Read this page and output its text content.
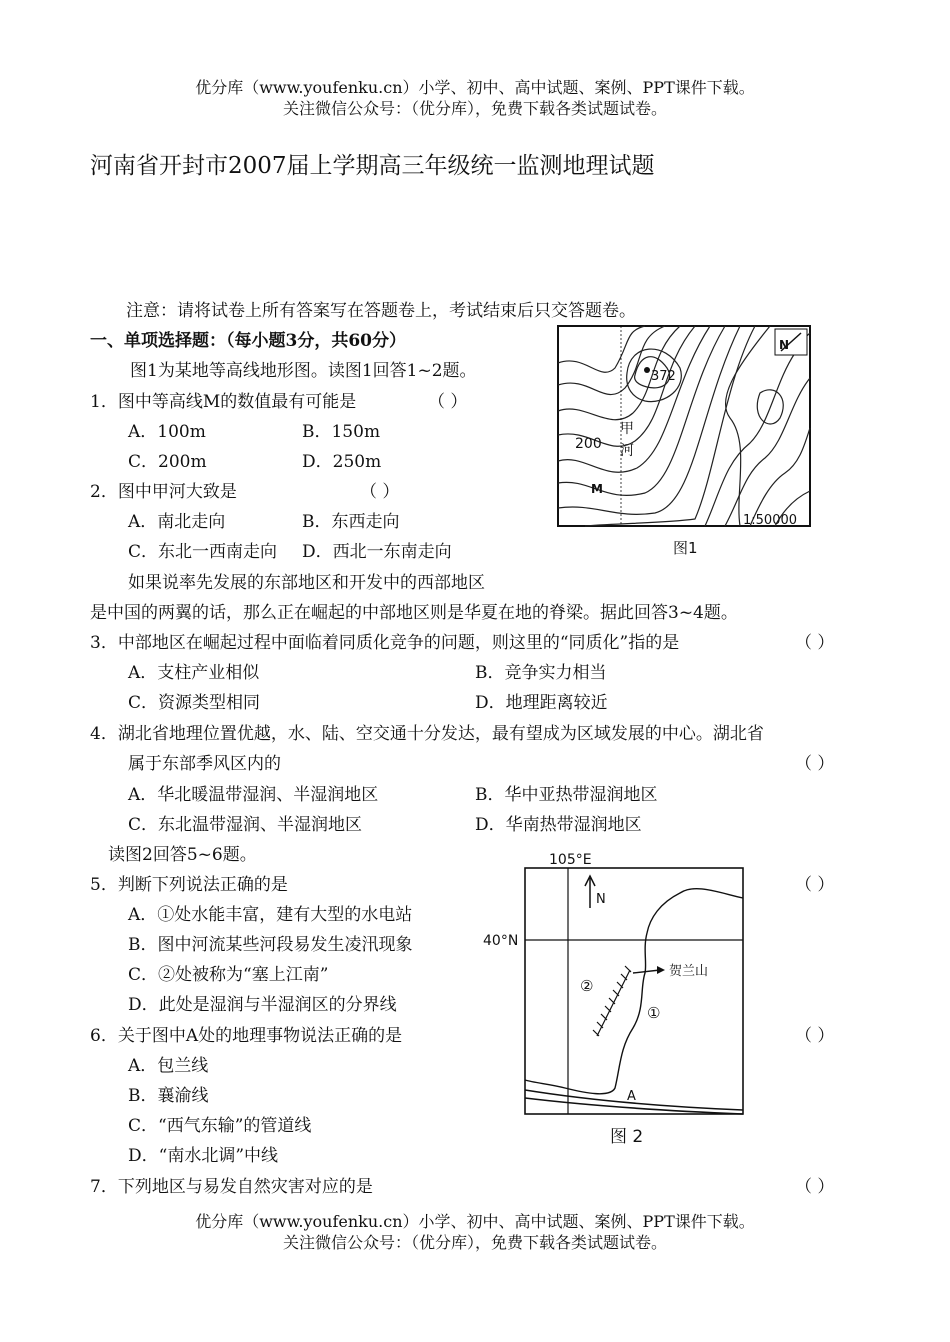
优分库（www.youfenku.cn）小学、初中、高中试题、案例、PPT课件下载。
关注微信公众号：（优分库），免费下载各类试题试卷。
河南省开封市2007届上学期高三年级统一监测地理试题
注意：请将试卷上所有答案写在答题卷上，考试结束后只交答题卷。
一、单项选择题：（每小题3分，共60分）
图1为某地等高线地形图。读图1回答1~2题。
1．图中等高线M的数值最有可能是	（ ）
A．100m	B．150m
C．200m	D．250m
2．图中甲河大致是	（ ）
A．南北走向	B．东西走向
C．东北一西南走向 D．西北一东南走向
372
200
M
甲
河
N
1:50000
图1
如果说率先发展的东部地区和开发中的西部地区
是中国的两翼的话，那么正在崛起的中部地区则是华夏在地的脊梁。据此回答3~4题。
3．中部地区在崛起过程中面临着同质化竞争的问题，则这里的“同质化”指的是	（ ）
A．支柱产业相似	B．竞争实力相当
C．资源类型相同	D．地理距离较近
4．湖北省地理位置优越，水、陆、空交通十分发达，最有望成为区域发展的中心。湖北省
属于东部季风区内的	（ ）
A．华北暖温带湿润、半湿润地区	B．华中亚热带湿润地区
C．东北温带湿润、半湿润地区	D．华南热带湿润地区
读图2回答5~6题。
5．判断下列说法正确的是	（ ）
A．①处水能丰富，建有大型的水电站
B．图中河流某些河段易发生凌汛现象
C．②处被称为“塞上江南”
D．此处是湿润与半湿润区的分界线
6．关于图中A处的地理事物说法正确的是	（ ）
A．包兰线
B．襄渝线
C．“西气东输”的管道线
D．“南水北调”中线
105°E
40°N
N
贺兰山
②
①
A
图 2
7．下列地区与易发自然灾害对应的是	（ ）
优分库（www.youfenku.cn）小学、初中、高中试题、案例、PPT课件下载。
关注微信公众号：（优分库），免费下载各类试题试卷。
